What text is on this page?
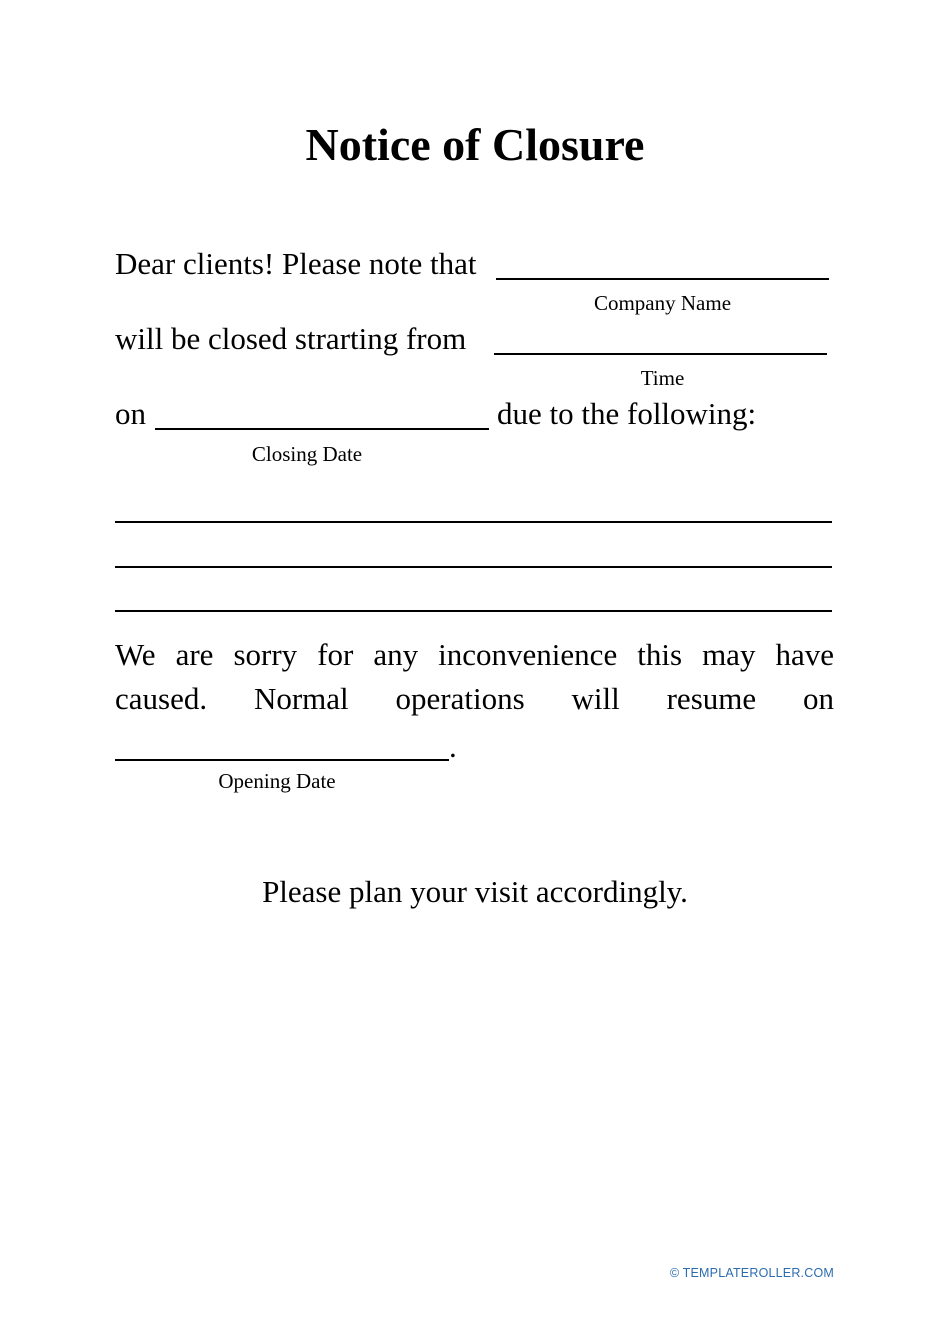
Notice of Closure
Dear clients! Please note that
Company Name
will be closed strarting from
Time
on	due to the following:
Closing Date
We are sorry for any inconvenience this may have
caused. Normal operations will resume on
.
Opening Date
Please plan your visit accordingly.
© TEMPLATEROLLER.COM
